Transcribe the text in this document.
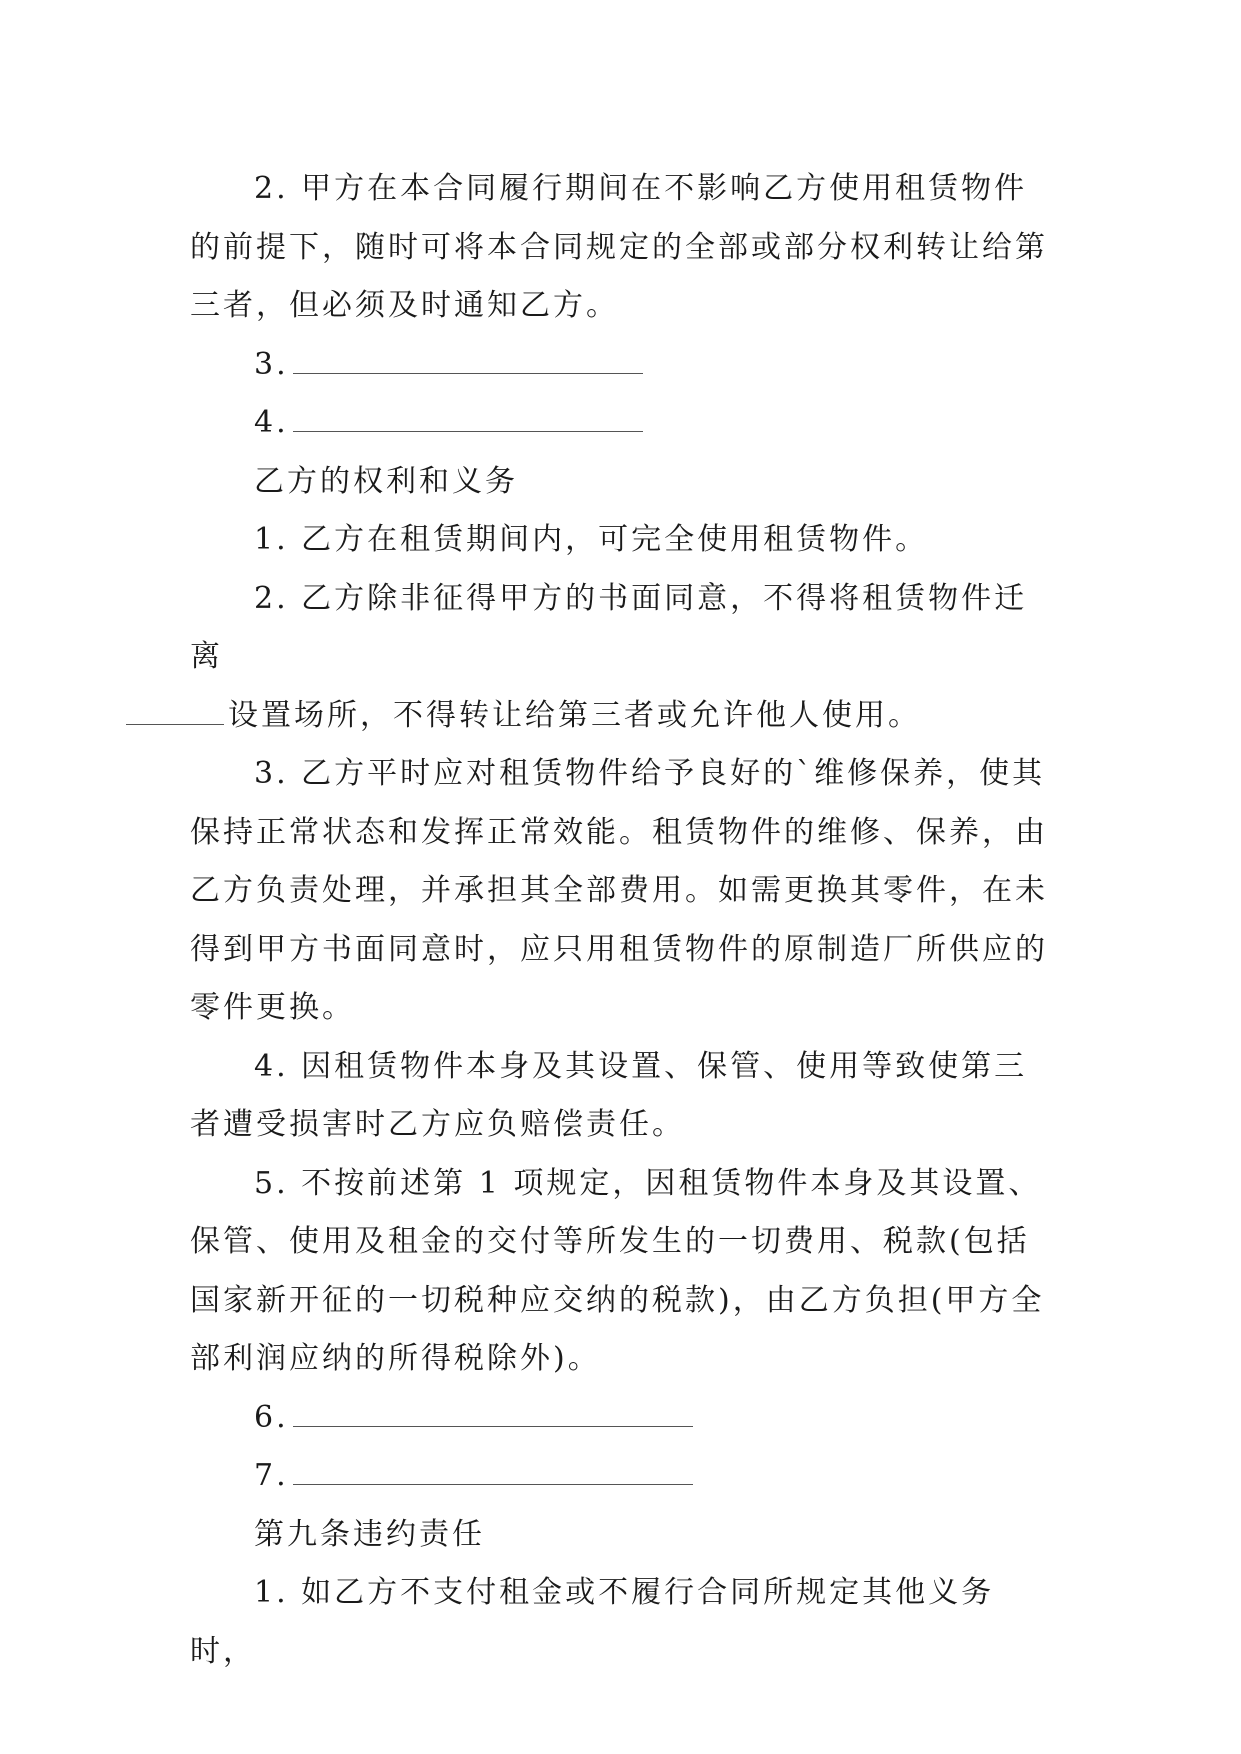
2. 甲方在本合同履行期间在不影响乙方使用租赁物件的前提下，随时可将本合同规定的全部或部分权利转让给第三者，但必须及时通知乙方。

3.

4.

乙方的权利和义务

1. 乙方在租赁期间内，可完全使用租赁物件。

2. 乙方除非征得甲方的书面同意，不得将租赁物件迁离
设置场所，不得转让给第三者或允许他人使用。

3. 乙方平时应对租赁物件给予良好的`维修保养，使其保持正常状态和发挥正常效能。租赁物件的维修、保养，由乙方负责处理，并承担其全部费用。如需更换其零件，在未得到甲方书面同意时，应只用租赁物件的原制造厂所供应的零件更换。

4. 因租赁物件本身及其设置、保管、使用等致使第三者遭受损害时乙方应负赔偿责任。

5. 不按前述第 1 项规定，因租赁物件本身及其设置、保管、使用及租金的交付等所发生的一切费用、税款(包括国家新开征的一切税种应交纳的税款)，由乙方负担(甲方全部利润应纳的所得税除外)。

6.

7.

第九条违约责任

1. 如乙方不支付租金或不履行合同所规定其他义务时，
